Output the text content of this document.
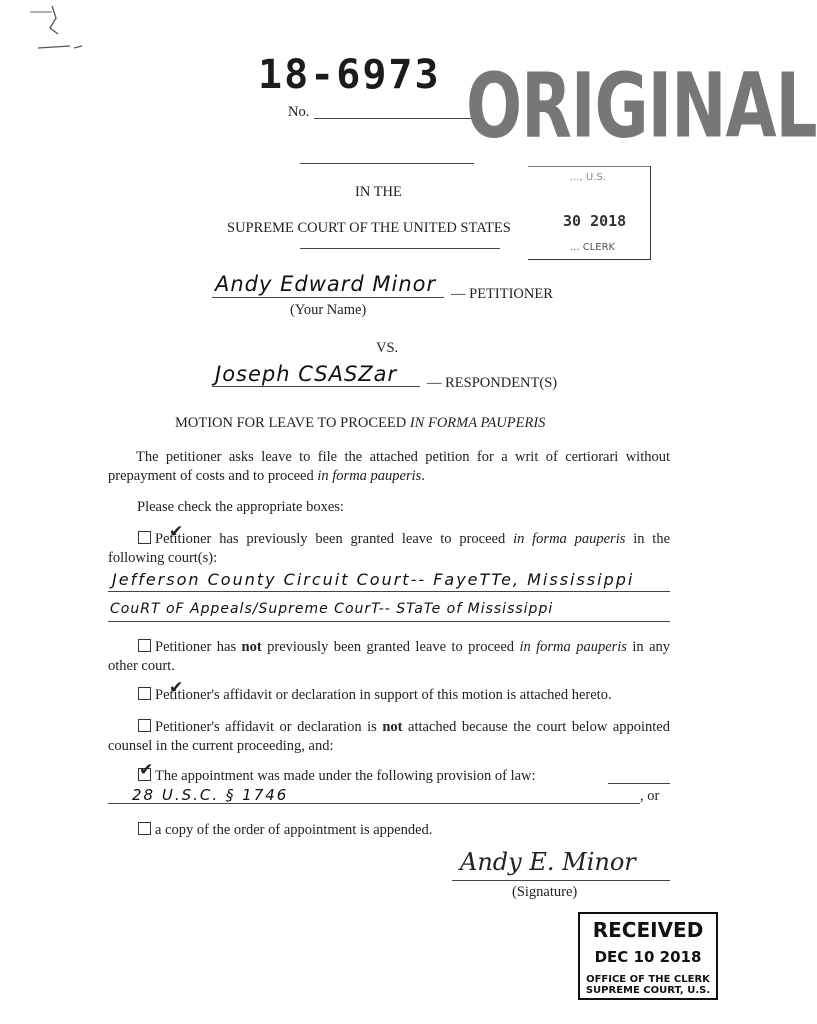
18-6973
No. ORIGINAL
..., U.S.
30 2018
... CLERK
IN THE
SUPREME COURT OF THE UNITED STATES
Andy Edward Minor — PETITIONER
(Your Name)
VS.
Joseph CSASZar — RESPONDENT(S)
MOTION FOR LEAVE TO PROCEED IN FORMA PAUPERIS
The petitioner asks leave to file the attached petition for a writ of certiorari without prepayment of costs and to proceed in forma pauperis.
Please check the appropriate boxes:
✔Petitioner has previously been granted leave to proceed in forma pauperis in the following court(s):
Jefferson County Circuit Court-- FayeTTe, Mississippi
CouRT oF Appeals/Supreme CourT-- STaTe of Mississippi
Petitioner has not previously been granted leave to proceed in forma pauperis in any other court.
✔Petitioner's affidavit or declaration in support of this motion is attached hereto.
Petitioner's affidavit or declaration is not attached because the court below appointed counsel in the current proceeding, and:
✔The appointment was made under the following provision of law:
28 U.S.C. § 1746	, or
a copy of the order of appointment is appended.
Andy E. Minor
(Signature)
RECEIVED
DEC 10 2018
OFFICE OF THE CLERK
SUPREME COURT, U.S.
